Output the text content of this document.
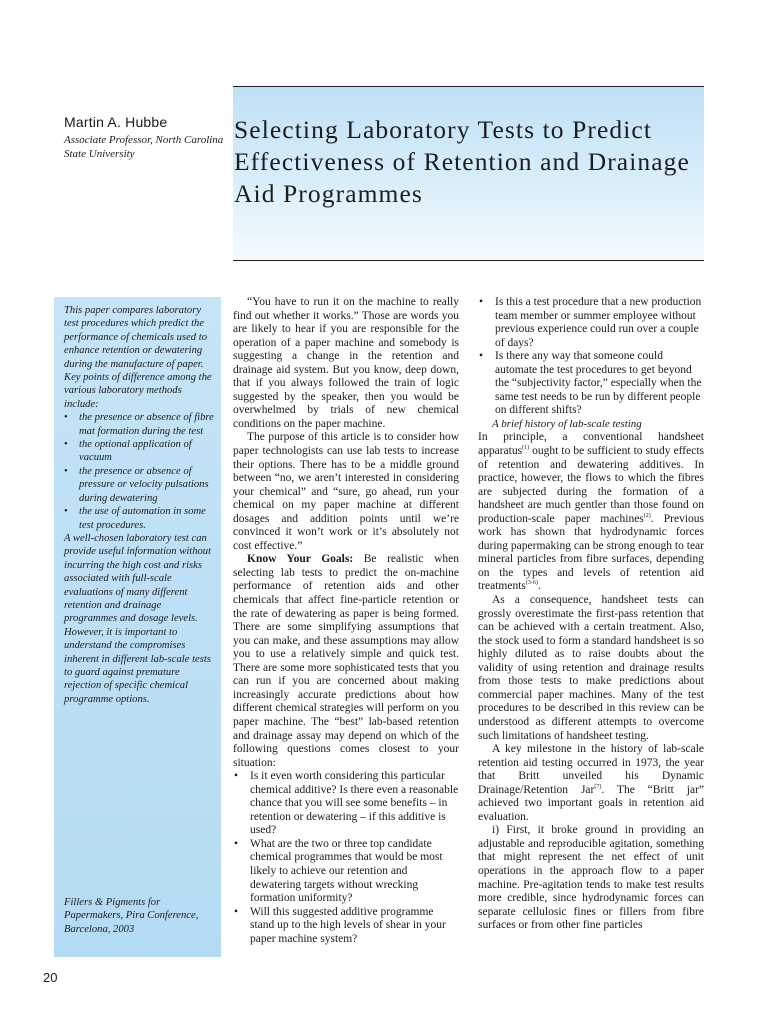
Martin A. Hubbe

Associate Professor, North Carolina State University

Selecting Laboratory Tests to Predict Effectiveness of Retention and Drainage Aid Programmes
This paper compares laboratory test procedures which predict the performance of chemicals used to enhance retention or dewatering during the manufacture of paper. Key points of difference among the various laboratory methods include:
• the presence or absence of fibre mat formation during the test
• the optional application of vacuum
• the presence or absence of pressure or velocity pulsations during dewatering
• the use of automation in some test procedures.
A well-chosen laboratory test can provide useful information without incurring the high cost and risks associated with full-scale evaluations of many different retention and drainage programmes and dosage levels. However, it is important to understand the compromises inherent in different lab-scale tests to guard against premature rejection of specific chemical programme options.

Fillers & Pigments for Papermakers, Pira Conference, Barcelona, 2003

“You have to run it on the machine to really find out whether it works.” Those are words you are likely to hear if you are responsible for the operation of a paper machine and somebody is suggesting a change in the retention and drainage aid system. But you know, deep down, that if you always followed the train of logic suggested by the speaker, then you would be overwhelmed by trials of new chemical conditions on the paper machine.

The purpose of this article is to consider how paper technologists can use lab tests to increase their options. There has to be a middle ground between “no, we aren’t interested in considering your chemical” and “sure, go ahead, run your chemical on my paper machine at different dosages and addition points until we’re convinced it won’t work or it’s absolutely not cost effective.”

Know Your Goals: Be realistic when selecting lab tests to predict the on-machine performance of retention aids and other chemicals that affect fine-particle retention or the rate of dewatering as paper is being formed. There are some simplifying assumptions that you can make, and these assumptions may allow you to use a relatively simple and quick test. There are some more sophisticated tests that you can run if you are concerned about making increasingly accurate predictions about how different chemical strategies will perform on you paper machine. The “best” lab-based retention and drainage assay may depend on which of the following questions comes closest to your situation:

• Is it even worth considering this particular chemical additive? Is there even a reasonable chance that you will see some benefits – in retention or dewatering – if this additive is used?
• What are the two or three top candidate chemical programmes that would be most likely to achieve our retention and dewatering targets without wrecking formation uniformity?
• Will this suggested additive programme stand up to the high levels of shear in your paper machine system?
• Is this a test procedure that a new production team member or summer employee without previous experience could run over a couple of days?
• Is there any way that someone could automate the test procedures to get beyond the “subjectivity factor,” especially when the same test needs to be run by different people on different shifts?

A brief history of lab-scale testing

In principle, a conventional handsheet apparatus$^{(1)}$ ought to be sufficient to study effects of retention and dewatering additives. In practice, however, the flows to which the fibres are subjected during the formation of a handsheet are much gentler than those found on production-scale paper machines$^{(2)}$. Previous work has shown that hydrodynamic forces during papermaking can be strong enough to tear mineral particles from fibre surfaces, depending on the types and levels of retention aid treatments$^{(3-6)}$.

As a consequence, handsheet tests can grossly overestimate the first-pass retention that can be achieved with a certain treatment. Also, the stock used to form a standard handsheet is so highly diluted as to raise doubts about the validity of using retention and drainage results from those tests to make predictions about commercial paper machines. Many of the test procedures to be described in this review can be understood as different attempts to overcome such limitations of handsheet testing.

A key milestone in the history of lab-scale retention aid testing occurred in 1973, the year that Britt unveiled his Dynamic Drainage/Retention Jar$^{(7)}$. The “Britt jar” achieved two important goals in retention aid evaluation.

i) First, it broke ground in providing an adjustable and reproducible agitation, something that might represent the net effect of unit operations in the approach flow to a paper machine. Pre-agitation tends to make test results more credible, since hydrodynamic forces can separate cellulosic fines or fillers from fibre surfaces or from other fine particles

20
